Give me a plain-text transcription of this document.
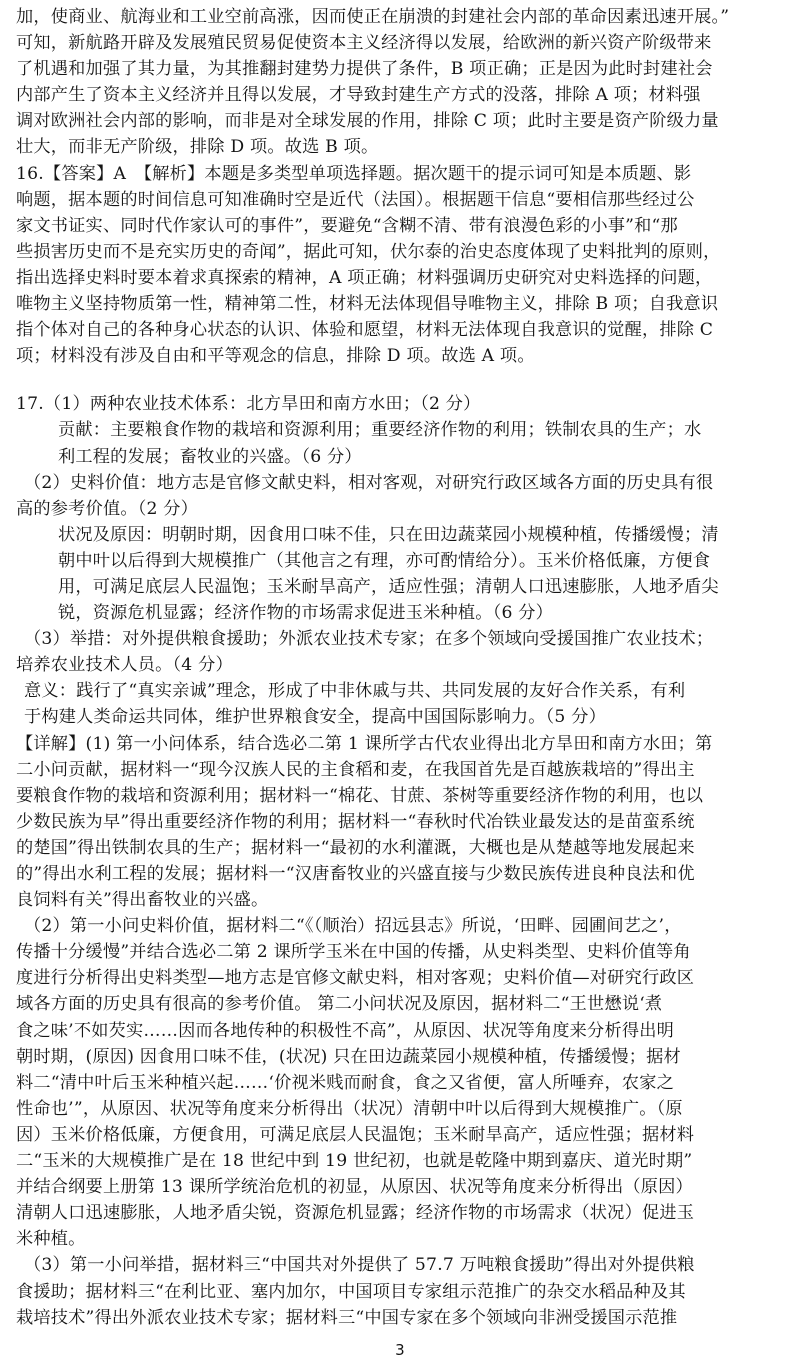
加，使商业、航海业和工业空前高涨，因而使正在崩溃的封建社会内部的革命因素迅速开展。”
可知，新航路开辟及发展殖民贸易促使资本主义经济得以发展，给欧洲的新兴资产阶级带来
了机遇和加强了其力量，为其推翻封建势力提供了条件，B 项正确；正是因为此时封建社会
内部产生了资本主义经济并且得以发展，才导致封建生产方式的没落，排除 A 项；材料强
调对欧洲社会内部的影响，而非是对全球发展的作用，排除 C 项；此时主要是资产阶级力量
壮大，而非无产阶级，排除 D 项。故选 B 项。
16.【答案】A　【解析】本题是多类型单项选择题。据次题干的提示词可知是本质题、影
响题，据本题的时间信息可知准确时空是近代（法国）。根据题干信息“要相信那些经过公
家文书证实、同时代作家认可的事件”，要避免“含糊不清、带有浪漫色彩的小事”和“那
些损害历史而不是充实历史的奇闻”，据此可知，伏尔泰的治史态度体现了史料批判的原则，
指出选择史料时要本着求真探索的精神，A 项正确；材料强调历史研究对史料选择的问题，
唯物主义坚持物质第一性，精神第二性，材料无法体现倡导唯物主义，排除 B 项；自我意识
指个体对自己的各种身心状态的认识、体验和愿望，材料无法体现自我意识的觉醒，排除 C
项；材料没有涉及自由和平等观念的信息，排除 D 项。故选 A 项。
17.（1）两种农业技术体系：北方旱田和南方水田；（2 分）
贡献：主要粮食作物的栽培和资源利用；重要经济作物的利用；铁制农具的生产；水
利工程的发展；畜牧业的兴盛。（6 分）
（2）史料价值：地方志是官修文献史料，相对客观，对研究行政区域各方面的历史具有很
高的参考价值。（2 分）
状况及原因：明朝时期，因食用口味不佳，只在田边蔬菜园小规模种植，传播缓慢；清
朝中叶以后得到大规模推广（其他言之有理，亦可酌情给分）。玉米价格低廉，方便食
用，可满足底层人民温饱；玉米耐旱高产，适应性强；清朝人口迅速膨胀，人地矛盾尖
锐，资源危机显露；经济作物的市场需求促进玉米种植。（6 分）
（3）举措：对外提供粮食援助；外派农业技术专家；在多个领域向受援国推广农业技术；
培养农业技术人员。（4 分）
意义：践行了“真实亲诚”理念，形成了中非休戚与共、共同发展的友好合作关系，有利
于构建人类命运共同体，维护世界粮食安全，提高中国国际影响力。（5 分）
【详解】(1) 第一小问体系，结合选必二第 1 课所学古代农业得出北方旱田和南方水田；第
二小问贡献，据材料一“现今汉族人民的主食稻和麦，在我国首先是百越族栽培的”得出主
要粮食作物的栽培和资源利用；据材料一“棉花、甘蔗、茶树等重要经济作物的利用，也以
少数民族为早”得出重要经济作物的利用；据材料一“春秋时代冶铁业最发达的是苗蛮系统
的楚国”得出铁制农具的生产；据材料一“最初的水利灌溉，大概也是从楚越等地发展起来
的”得出水利工程的发展；据材料一“汉唐畜牧业的兴盛直接与少数民族传进良种良法和优
良饲料有关”得出畜牧业的兴盛。
（2）第一小问史料价值，据材料二“《（顺治）招远县志》所说，‘田畔、园圃间艺之’，
传播十分缓慢”并结合选必二第 2 课所学玉米在中国的传播，从史料类型、史料价值等角
度进行分析得出史料类型—地方志是官修文献史料，相对客观；史料价值—对研究行政区
域各方面的历史具有很高的参考价值。 第二小问状况及原因，据材料二“王世懋说‘煮
食之味’不如芡实……因而各地传种的积极性不高”，从原因、状况等角度来分析得出明
朝时期，(原因) 因食用口味不佳，(状况) 只在田边蔬菜园小规模种植，传播缓慢；据材
料二“清中叶后玉米种植兴起……‘价视米贱而耐食，食之又省便，富人所唾弃，农家之
性命也’”，从原因、状况等角度来分析得出（状况）清朝中叶以后得到大规模推广。（原
因）玉米价格低廉，方便食用，可满足底层人民温饱；玉米耐旱高产，适应性强；据材料
二“玉米的大规模推广是在 18 世纪中到 19 世纪初，也就是乾隆中期到嘉庆、道光时期”
并结合纲要上册第 13 课所学统治危机的初显，从原因、状况等角度来分析得出（原因）
清朝人口迅速膨胀，人地矛盾尖锐，资源危机显露；经济作物的市场需求（状况）促进玉
米种植。
（3）第一小问举措，据材料三“中国共对外提供了 57.7 万吨粮食援助”得出对外提供粮
食援助；据材料三“在利比亚、塞内加尔，中国项目专家组示范推广的杂交水稻品种及其
栽培技术”得出外派农业技术专家；据材料三“中国专家在多个领域向非洲受援国示范推
3
